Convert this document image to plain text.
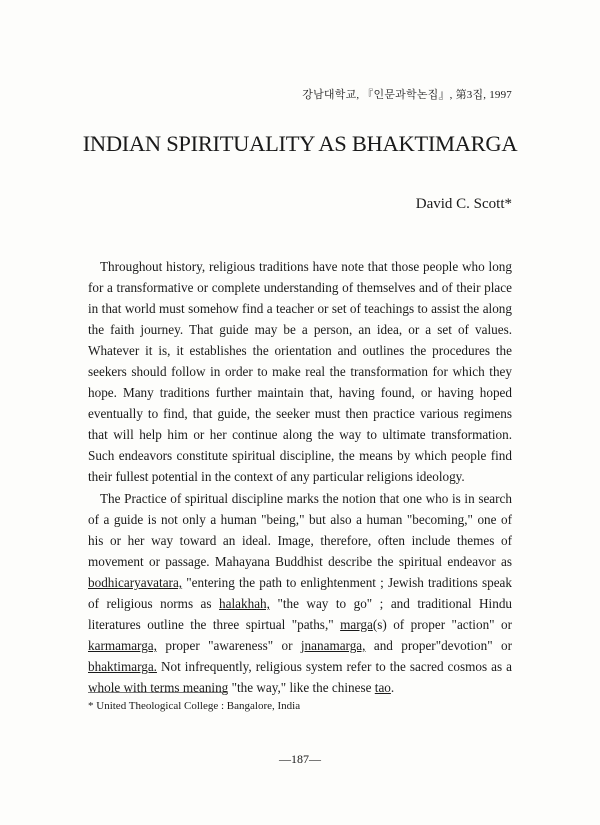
강남대학교, 『인문과학논집』, 第3집, 1997
INDIAN SPIRITUALITY AS BHAKTIMARGA
David C. Scott*

Throughout history, religious traditions have note that those people who long for a transformative or complete understanding of themselves and of their place in that world must somehow find a teacher or set of teachings to assist the along the faith journey. That guide may be a person, an idea, or a set of values. Whatever it is, it establishes the orientation and outlines the procedures the seekers should follow in order to make real the transformation for which they hope. Many traditions further maintain that, having found, or having hoped eventually to find, that guide, the seeker must then practice various regimens that will help him or her continue along the way to ultimate transformation. Such endeavors constitute spiritual discipline, the means by which people find their fullest potential in the context of any particular religions ideology.

The Practice of spiritual discipline marks the notion that one who is in search of a guide is not only a human "being," but also a human "becoming," one of his or her way toward an ideal. Image, therefore, often include themes of movement or passage. Mahayana Buddhist describe the spiritual endeavor as bodhicaryavatara, "entering the path to enlightenment ; Jewish traditions speak of religious norms as halakhah, "the way to go" ; and traditional Hindu literatures outline the three spirtual "paths," marga(s) of proper "action" or karmamarga, proper "awareness" or jnanamarga, and proper"devotion" or bhaktimarga. Not infrequently, religious system refer to the sacred cosmos as a whole with terms meaning "the way," like the chinese tao.

* United Theological College : Bangalore, India
—187—
